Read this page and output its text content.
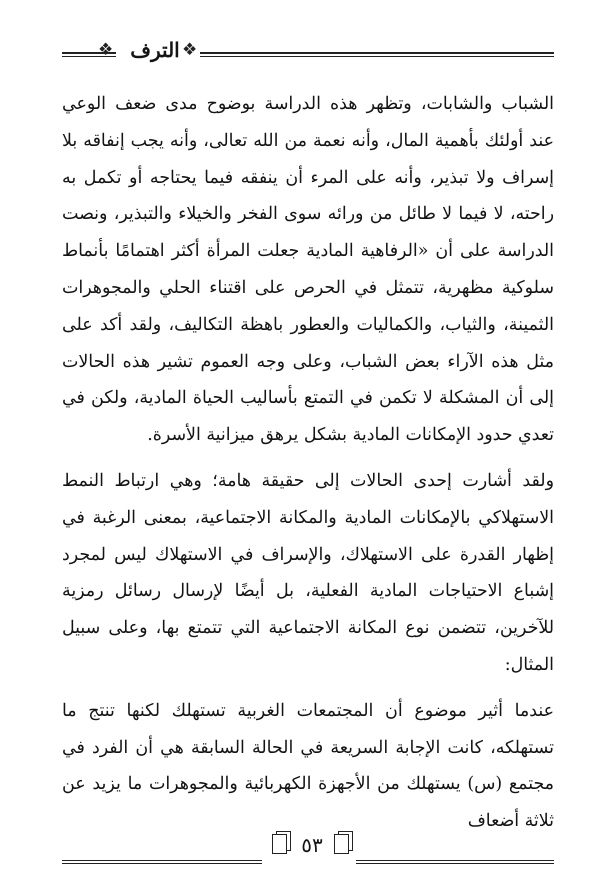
❖ الترف ❖

الشباب والشابات، وتظهر هذه الدراسة بوضوح مدى ضعف الوعي عند أولئك بأهمية المال، وأنه نعمة من الله تعالى، وأنه يجب إنفاقه بلا إسراف ولا تبذير، وأنه على المرء أن ينفقه فيما يحتاجه أو تكمل به راحته، لا فيما لا طائل من ورائه سوى الفخر والخيلاء والتبذير، ونصت الدراسة على أن «الرفاهية المادية جعلت المرأة أكثر اهتمامًا بأنماط سلوكية مظهرية، تتمثل في الحرص على اقتناء الحلي والمجوهرات الثمينة، والثياب، والكماليات والعطور باهظة التكاليف، ولقد أكد على مثل هذه الآراء بعض الشباب، وعلى وجه العموم تشير هذه الحالات إلى أن المشكلة لا تكمن في التمتع بأساليب الحياة المادية، ولكن في تعدي حدود الإمكانات المادية بشكل يرهق ميزانية الأسرة.

ولقد أشارت إحدى الحالات إلى حقيقة هامة؛ وهي ارتباط النمط الاستهلاكي بالإمكانات المادية والمكانة الاجتماعية، بمعنى الرغبة في إظهار القدرة على الاستهلاك، والإسراف في الاستهلاك ليس لمجرد إشباع الاحتياجات المادية الفعلية، بل أيضًا لإرسال رسائل رمزية للآخرين، تتضمن نوع المكانة الاجتماعية التي تتمتع بها، وعلى سبيل المثال:

عندما أثير موضوع أن المجتمعات الغربية تستهلك لكنها تنتج ما تستهلكه، كانت الإجابة السريعة في الحالة السابقة هي أن الفرد في مجتمع (س) يستهلك من الأجهزة الكهربائية والمجوهرات ما يزيد عن ثلاثة أضعاف

٥٣
